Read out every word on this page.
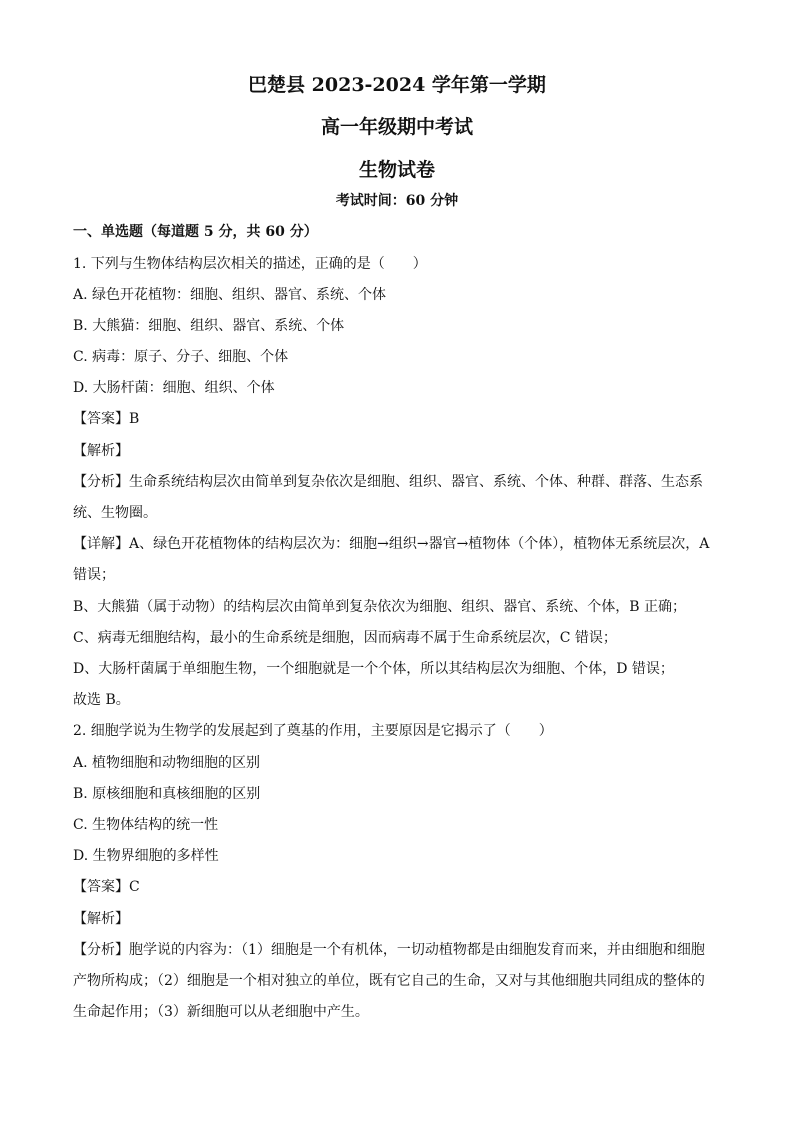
巴楚县 2023-2024 学年第一学期
高一年级期中考试
生物试卷
考试时间：60 分钟
一、单选题（每道题 5 分，共 60 分）
1. 下列与生物体结构层次相关的描述，正确的是（　　）
A. 绿色开花植物：细胞、组织、器官、系统、个体
B. 大熊猫：细胞、组织、器官、系统、个体
C. 病毒：原子、分子、细胞、个体
D. 大肠杆菌：细胞、组织、个体
【答案】B
【解析】
【分析】生命系统结构层次由简单到复杂依次是细胞、组织、器官、系统、个体、种群、群落、生态系
统、生物圈。
【详解】A、绿色开花植物体的结构层次为：细胞→组织→器官→植物体（个体），植物体无系统层次，A
错误；
B、大熊猫（属于动物）的结构层次由简单到复杂依次为细胞、组织、器官、系统、个体，B 正确；
C、病毒无细胞结构，最小的生命系统是细胞，因而病毒不属于生命系统层次，C 错误；
D、大肠杆菌属于单细胞生物，一个细胞就是一个个体，所以其结构层次为细胞、个体，D 错误；
故选 B。
2. 细胞学说为生物学的发展起到了奠基的作用，主要原因是它揭示了（　　）
A. 植物细胞和动物细胞的区别
B. 原核细胞和真核细胞的区别
C. 生物体结构的统一性
D. 生物界细胞的多样性
【答案】C
【解析】
【分析】胞学说的内容为：（1）细胞是一个有机体，一切动植物都是由细胞发育而来，并由细胞和细胞
产物所构成；（2）细胞是一个相对独立的单位，既有它自己的生命，又对与其他细胞共同组成的整体的
生命起作用；（3）新细胞可以从老细胞中产生。
